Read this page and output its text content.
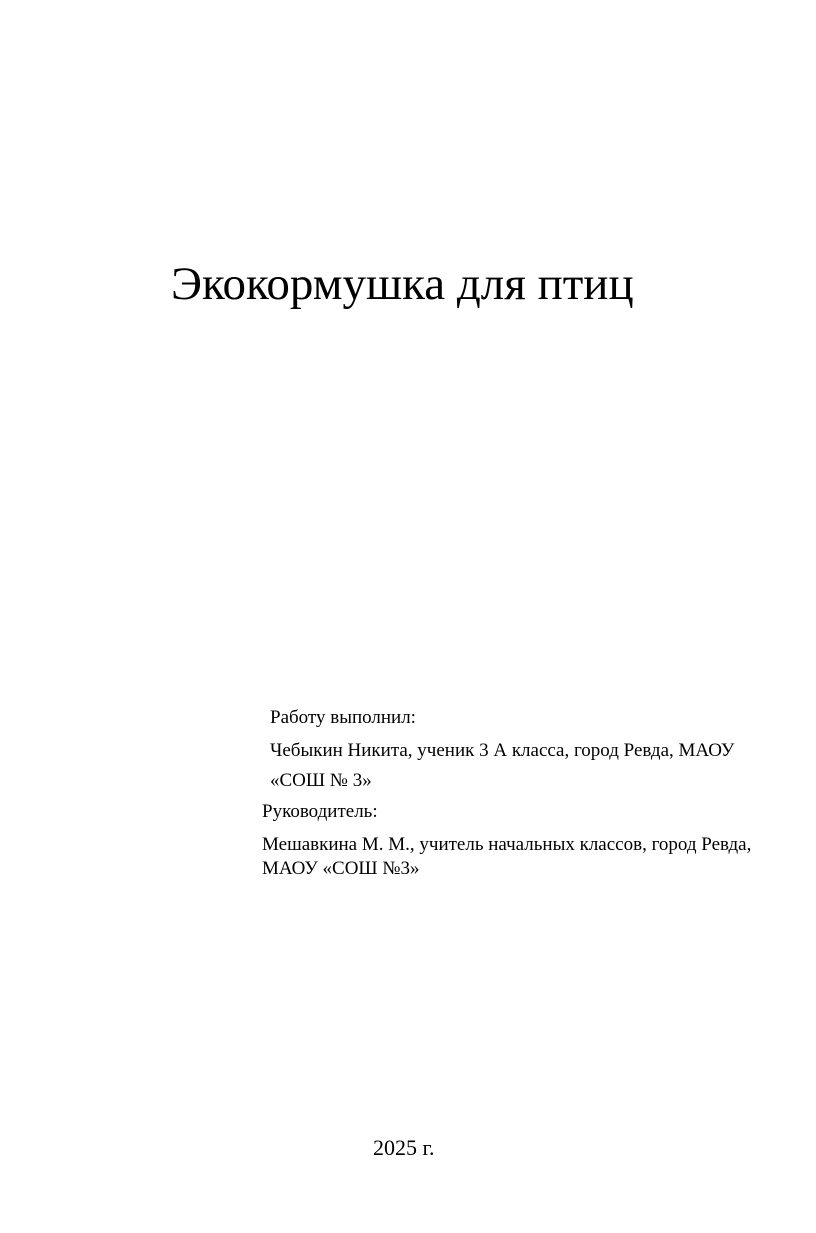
Экокормушка для птиц

Работу выполнил:

Чебыкин Никита, ученик 3 А класса, город Ревда, МАОУ

«СОШ № 3»

Руководитель:

Мешавкина М. М., учитель начальных классов, город Ревда,

МАОУ «СОШ №3»

2025 г.
